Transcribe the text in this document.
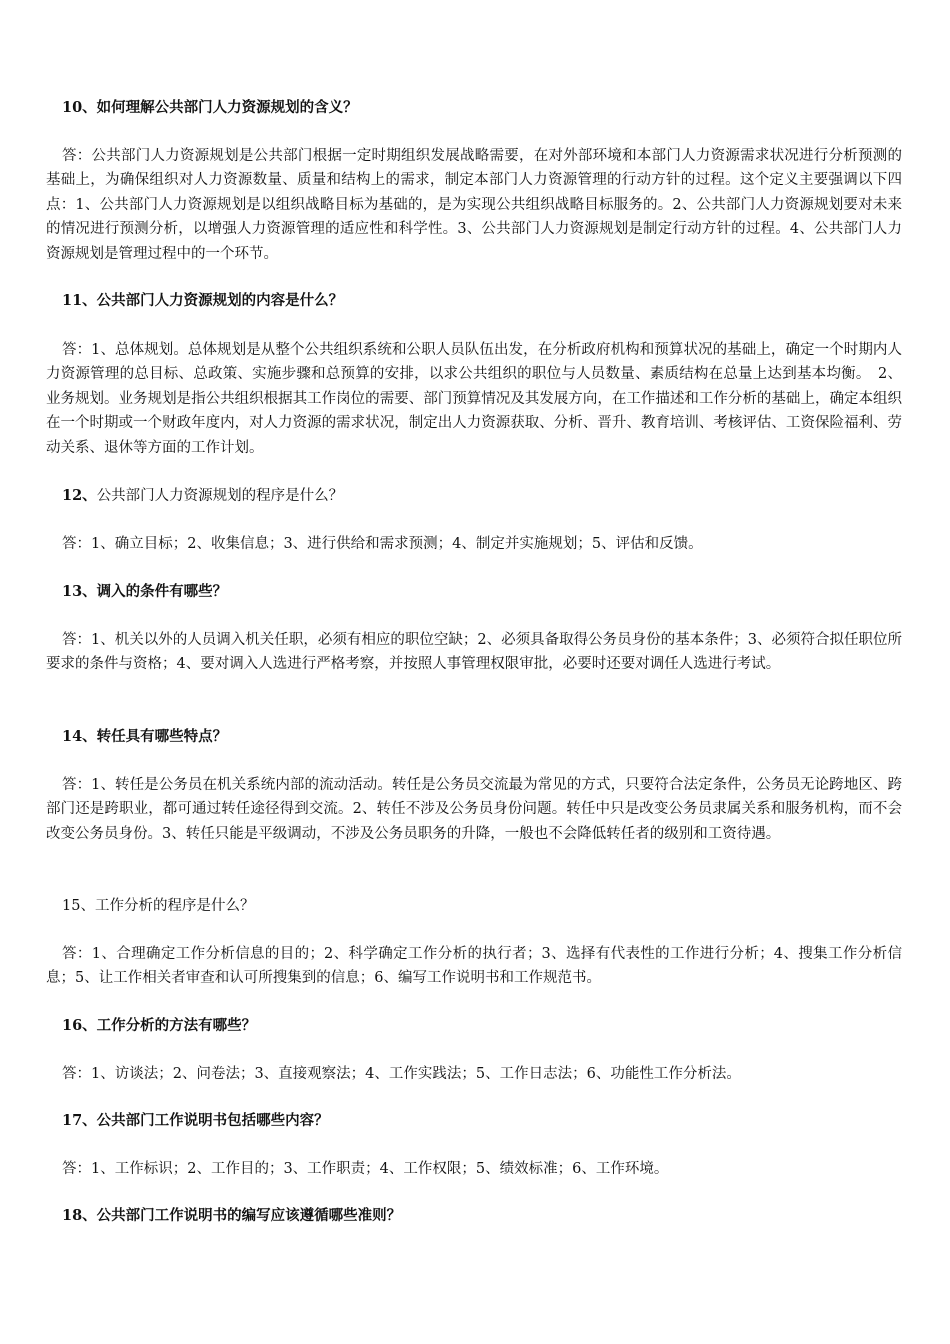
10、如何理解公共部门人力资源规划的含义？
答：公共部门人力资源规划是公共部门根据一定时期组织发展战略需要，在对外部环境和本部门人力资源需求状况进行分析预测的基础上，为确保组织对人力资源数量、质量和结构上的需求，制定本部门人力资源管理的行动方针的过程。这个定义主要强调以下四点：1、公共部门人力资源规划是以组织战略目标为基础的，是为实现公共组织战略目标服务的。2、公共部门人力资源规划要对未来的情况进行预测分析，以增强人力资源管理的适应性和科学性。3、公共部门人力资源规划是制定行动方针的过程。4、公共部门人力资源规划是管理过程中的一个环节。
11、公共部门人力资源规划的内容是什么？
答：1、总体规划。总体规划是从整个公共组织系统和公职人员队伍出发，在分析政府机构和预算状况的基础上，确定一个时期内人力资源管理的总目标、总政策、实施步骤和总预算的安排，以求公共组织的职位与人员数量、素质结构在总量上达到基本均衡。　2、业务规划。业务规划是指公共组织根据其工作岗位的需要、部门预算情况及其发展方向，在工作描述和工作分析的基础上，确定本组织在一个时期或一个财政年度内，对人力资源的需求状况，制定出人力资源获取、分析、晋升、教育培训、考核评估、工资保险福利、劳动关系、退休等方面的工作计划。
12、公共部门人力资源规划的程序是什么？
答：1、确立目标；2、收集信息；3、进行供给和需求预测；4、制定并实施规划；5、评估和反馈。
13、调入的条件有哪些？
答：1、机关以外的人员调入机关任职，必须有相应的职位空缺；2、必须具备取得公务员身份的基本条件；3、必须符合拟任职位所要求的条件与资格；4、要对调入人选进行严格考察，并按照人事管理权限审批，必要时还要对调任人选进行考试。
14、转任具有哪些特点？
答：1、转任是公务员在机关系统内部的流动活动。转任是公务员交流最为常见的方式，只要符合法定条件，公务员无论跨地区、跨部门还是跨职业，都可通过转任途径得到交流。2、转任不涉及公务员身份问题。转任中只是改变公务员隶属关系和服务机构，而不会改变公务员身份。3、转任只能是平级调动，不涉及公务员职务的升降，一般也不会降低转任者的级别和工资待遇。
15、工作分析的程序是什么？
答：1、合理确定工作分析信息的目的；2、科学确定工作分析的执行者；3、选择有代表性的工作进行分析；4、搜集工作分析信息；5、让工作相关者审查和认可所搜集到的信息；6、编写工作说明书和工作规范书。
16、工作分析的方法有哪些？
答：1、访谈法；2、问卷法；3、直接观察法；4、工作实践法；5、工作日志法；6、功能性工作分析法。
17、公共部门工作说明书包括哪些内容？
答：1、工作标识；2、工作目的；3、工作职责；4、工作权限；5、绩效标准；6、工作环境。
18、公共部门工作说明书的编写应该遵循哪些准则？
